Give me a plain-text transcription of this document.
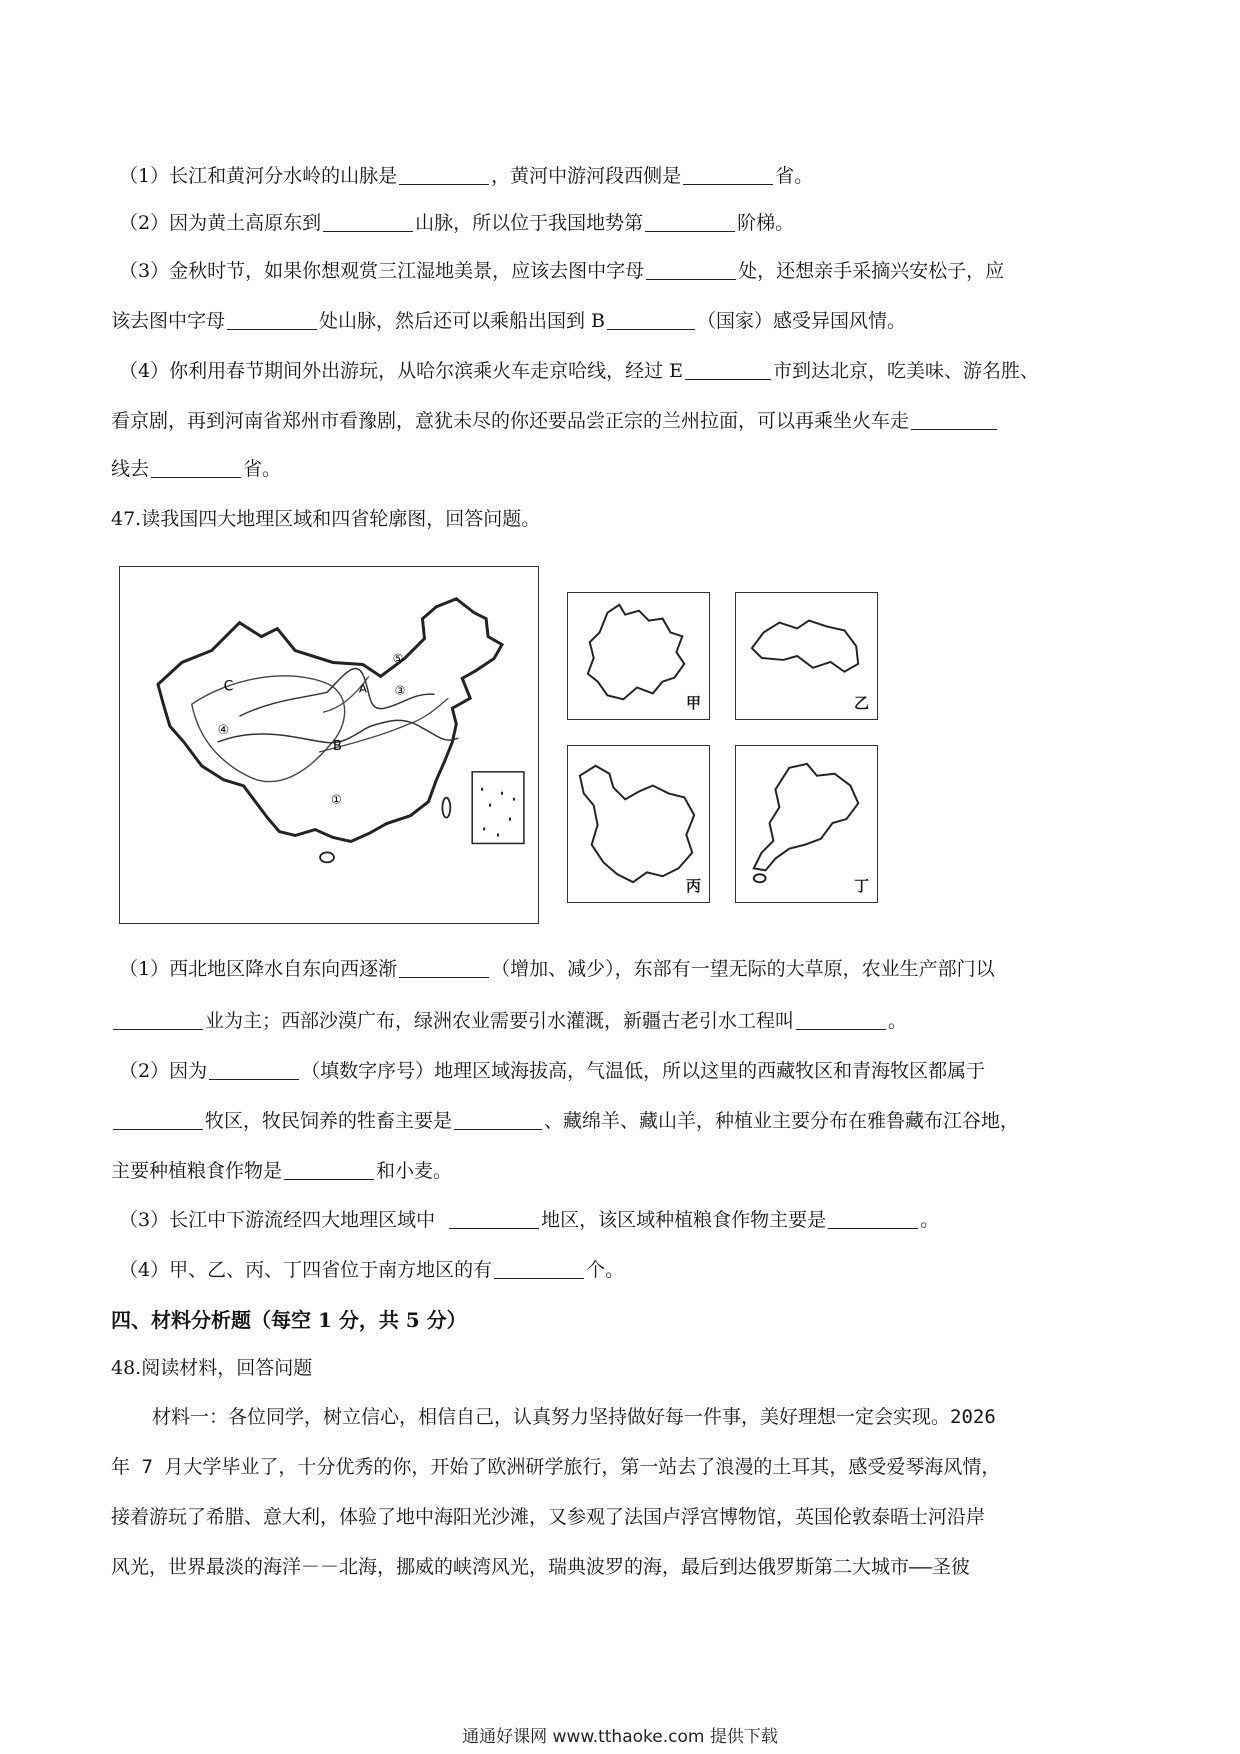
（1）长江和黄河分水岭的山脉是	，黄河中游河段西侧是	省。
（2）因为黄土高原东到	山脉，所以位于我国地势第	阶梯。
（3）金秋时节，如果你想观赏三江湿地美景，应该去图中字母	处，还想亲手采摘兴安松子，应
该去图中字母	处山脉，然后还可以乘船出国到 B	（国家）感受异国风情。
（4）你利用春节期间外出游玩，从哈尔滨乘火车走京哈线，经过 E	市到达北京，吃美味、游名胜、
看京剧，再到河南省郑州市看豫剧，意犹未尽的你还要品尝正宗的兰州拉面，可以再乘坐火车走
线去	省。
47.读我国四大地理区域和四省轮廓图，回答问题。
C	A
B
④
⑤
③
①
甲	乙
丙	丁
（1）西北地区降水自东向西逐渐	（增加、减少），东部有一望无际的大草原，农业生产部门以
业为主；西部沙漠广布，绿洲农业需要引水灌溉，新疆古老引水工程叫	。
（2）因为	（填数字序号）地理区域海拔高，气温低，所以这里的西藏牧区和青海牧区都属于
牧区，牧民饲养的牲畜主要是	、藏绵羊、藏山羊，种植业主要分布在雅鲁藏布江谷地，
主要种植粮食作物是	和小麦。
（3）长江中下游流经四大地理区域中	地区，该区域种植粮食作物主要是	。
（4）甲、乙、丙、丁四省位于南方地区的有	个。
四、材料分析题（每空 1 分，共 5 分）
48.阅读材料，回答问题
材料一：各位同学，树立信心，相信自己，认真努力坚持做好每一件事，美好理想一定会实现。2026
年 7 月大学毕业了，十分优秀的你，开始了欧洲研学旅行，第一站去了浪漫的土耳其，感受爱琴海风情，
接着游玩了希腊、意大利，体验了地中海阳光沙滩，又参观了法国卢浮宫博物馆，英国伦敦泰晤士河沿岸
风光，世界最淡的海洋－－北海，挪威的峡湾风光，瑞典波罗的海，最后到达俄罗斯第二大城市——圣彼
通通好课网 www.tthaoke.com 提供下载
